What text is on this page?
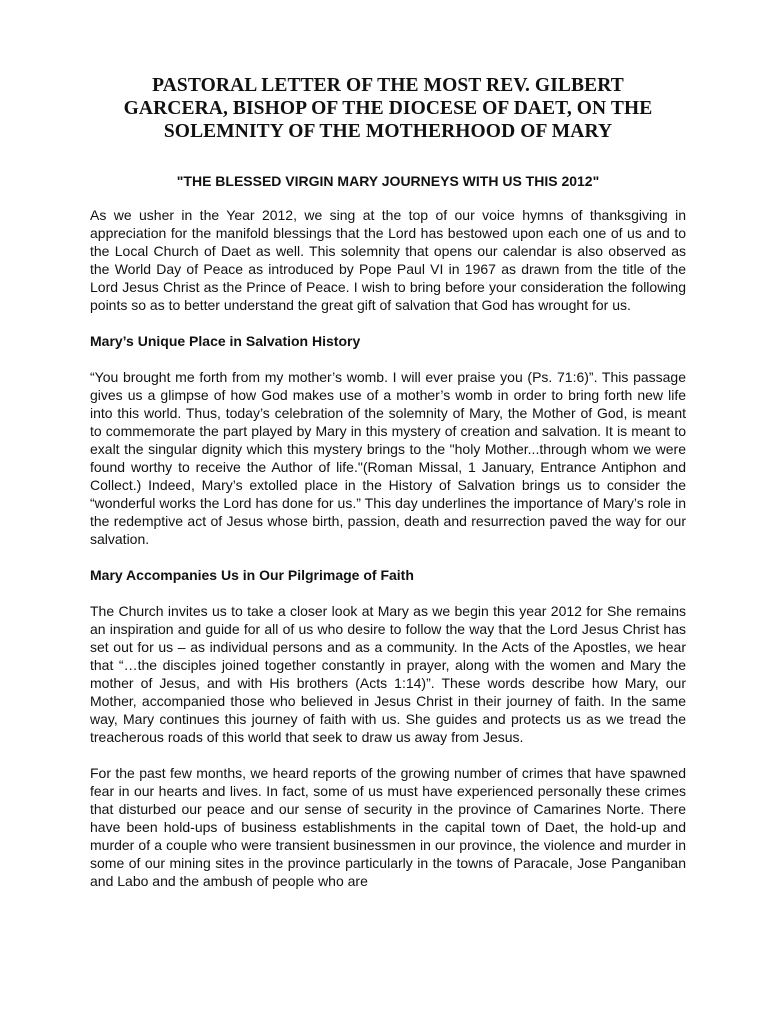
PASTORAL LETTER OF THE MOST REV. GILBERT
GARCERA, BISHOP OF THE DIOCESE OF DAET, ON THE
SOLEMNITY OF THE MOTHERHOOD OF MARY
"THE BLESSED VIRGIN MARY JOURNEYS WITH US THIS 2012"

As we usher in the Year 2012, we sing at the top of our voice hymns of thanksgiving in appreciation for the manifold blessings that the Lord has bestowed upon each one of us and to the Local Church of Daet as well. This solemnity that opens our calendar is also observed as the World Day of Peace as introduced by Pope Paul VI in 1967 as drawn from the title of the Lord Jesus Christ as the Prince of Peace. I wish to bring before your consideration the following points so as to better understand the great gift of salvation that God has wrought for us.

Mary’s Unique Place in Salvation History

“You brought me forth from my mother’s womb. I will ever praise you (Ps. 71:6)”. This passage gives us a glimpse of how God makes use of a mother’s womb in order to bring forth new life into this world. Thus, today’s celebration of the solemnity of Mary, the Mother of God, is meant to commemorate the part played by Mary in this mystery of creation and salvation. It is meant to exalt the singular dignity which this mystery brings to the "holy Mother...through whom we were found worthy to receive the Author of life."(Roman Missal, 1 January, Entrance Antiphon and Collect.) Indeed, Mary’s extolled place in the History of Salvation brings us to consider the “wonderful works the Lord has done for us.” This day underlines the importance of Mary’s role in the redemptive act of Jesus whose birth, passion, death and resurrection paved the way for our salvation.

Mary Accompanies Us in Our Pilgrimage of Faith

The Church invites us to take a closer look at Mary as we begin this year 2012 for She remains an inspiration and guide for all of us who desire to follow the way that the Lord Jesus Christ has set out for us – as individual persons and as a community. In the Acts of the Apostles, we hear that “…the disciples joined together constantly in prayer, along with the women and Mary the mother of Jesus, and with His brothers (Acts 1:14)”. These words describe how Mary, our Mother, accompanied those who believed in Jesus Christ in their journey of faith. In the same way, Mary continues this journey of faith with us. She guides and protects us as we tread the treacherous roads of this world that seek to draw us away from Jesus.

For the past few months, we heard reports of the growing number of crimes that have spawned fear in our hearts and lives. In fact, some of us must have experienced personally these crimes that disturbed our peace and our sense of security in the province of Camarines Norte. There have been hold-ups of business establishments in the capital town of Daet, the hold-up and murder of a couple who were transient businessmen in our province, the violence and murder in some of our mining sites in the province particularly in the towns of Paracale, Jose Panganiban and Labo and the ambush of people who are
